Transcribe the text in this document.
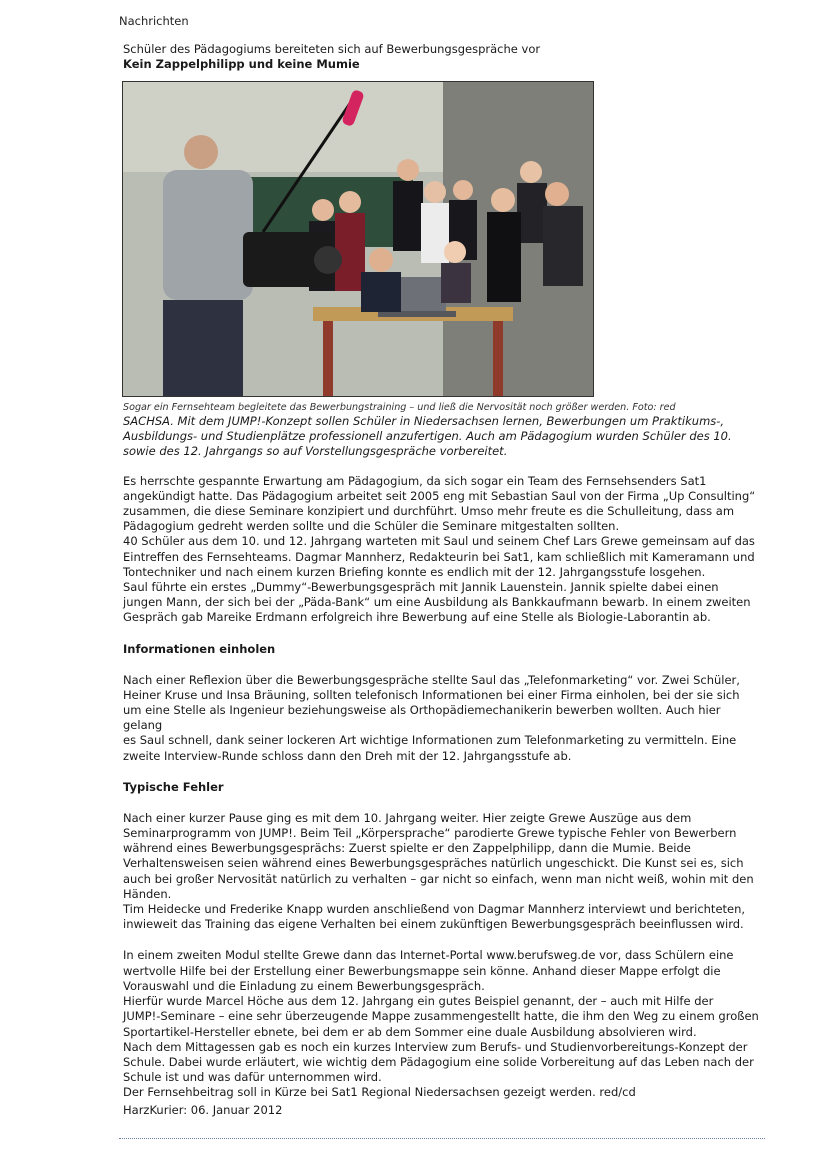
Nachrichten

Schüler des Pädagogiums bereiteten sich auf Bewerbungsgespräche vor

Kein Zappelphilipp und keine Mumie

Sogar ein Fernsehteam begleitete das Bewerbungstraining – und ließ die Nervosität noch größer werden. Foto: red

SACHSA. Mit dem JUMP!-Konzept sollen Schüler in Niedersachsen lernen, Bewerbungen um Praktikums-,

Ausbildungs- und Studienplätze professionell anzufertigen. Auch am Pädagogium wurden Schüler des 10.

sowie des 12. Jahrgangs so auf Vorstellungsgespräche vorbereitet.

Es herrschte gespannte Erwartung am Pädagogium, da sich sogar ein Team des Fernsehsenders Sat1

angekündigt hatte. Das Pädagogium arbeitet seit 2005 eng mit Sebastian Saul von der Firma „Up Consulting“

zusammen, die diese Seminare konzipiert und durchführt. Umso mehr freute es die Schulleitung, dass am

Pädagogium gedreht werden sollte und die Schüler die Seminare mitgestalten sollten.

40 Schüler aus dem 10. und 12. Jahrgang warteten mit Saul und seinem Chef Lars Grewe gemeinsam auf das

Eintreffen des Fernsehteams. Dagmar Mannherz, Redakteurin bei Sat1, kam schließlich mit Kameramann und

Tontechniker und nach einem kurzen Briefing konnte es endlich mit der 12. Jahrgangsstufe losgehen.

Saul führte ein erstes „Dummy“-Bewerbungsgespräch mit Jannik Lauenstein. Jannik spielte dabei einen

jungen Mann, der sich bei der „Päda-Bank“ um eine Ausbildung als Bankkaufmann bewarb. In einem zweiten

Gespräch gab Mareike Erdmann erfolgreich ihre Bewerbung auf eine Stelle als Biologie-Laborantin ab.

Informationen einholen

Nach einer Reflexion über die Bewerbungsgespräche stellte Saul das „Telefonmarketing“ vor. Zwei Schüler,

Heiner Kruse und Insa Bräuning, sollten telefonisch Informationen bei einer Firma einholen, bei der sie sich

um eine Stelle als Ingenieur beziehungsweise als Orthopädiemechanikerin bewerben wollten. Auch hier gelang

es Saul schnell, dank seiner lockeren Art wichtige Informationen zum Telefonmarketing zu vermitteln. Eine

zweite Interview-Runde schloss dann den Dreh mit der 12. Jahrgangsstufe ab.

Typische Fehler

Nach einer kurzer Pause ging es mit dem 10. Jahrgang weiter. Hier zeigte Grewe Auszüge aus dem

Seminarprogramm von JUMP!. Beim Teil „Körpersprache“ parodierte Grewe typische Fehler von Bewerbern

während eines Bewerbungsgesprächs: Zuerst spielte er den Zappelphilipp, dann die Mumie. Beide

Verhaltensweisen seien während eines Bewerbungsgespräches natürlich ungeschickt. Die Kunst sei es, sich

auch bei großer Nervosität natürlich zu verhalten – gar nicht so einfach, wenn man nicht weiß, wohin mit den

Händen.

Tim Heidecke und Frederike Knapp wurden anschließend von Dagmar Mannherz interviewt und berichteten,

inwieweit das Training das eigene Verhalten bei einem zukünftigen Bewerbungsgespräch beeinflussen wird.

In einem zweiten Modul stellte Grewe dann das Internet-Portal www.berufsweg.de vor, dass Schülern eine

wertvolle Hilfe bei der Erstellung einer Bewerbungsmappe sein könne. Anhand dieser Mappe erfolgt die

Vorauswahl und die Einladung zu einem Bewerbungsgespräch.

Hierfür wurde Marcel Höche aus dem 12. Jahrgang ein gutes Beispiel genannt, der – auch mit Hilfe der

JUMP!-Seminare – eine sehr überzeugende Mappe zusammengestellt hatte, die ihm den Weg zu einem großen

Sportartikel-Hersteller ebnete, bei dem er ab dem Sommer eine duale Ausbildung absolvieren wird.

Nach dem Mittagessen gab es noch ein kurzes Interview zum Berufs- und Studienvorbereitungs-Konzept der

Schule. Dabei wurde erläutert, wie wichtig dem Pädagogium eine solide Vorbereitung auf das Leben nach der

Schule ist und was dafür unternommen wird.

Der Fernsehbeitrag soll in Kürze bei Sat1 Regional Niedersachsen gezeigt werden. red/cd

HarzKurier: 06. Januar 2012
